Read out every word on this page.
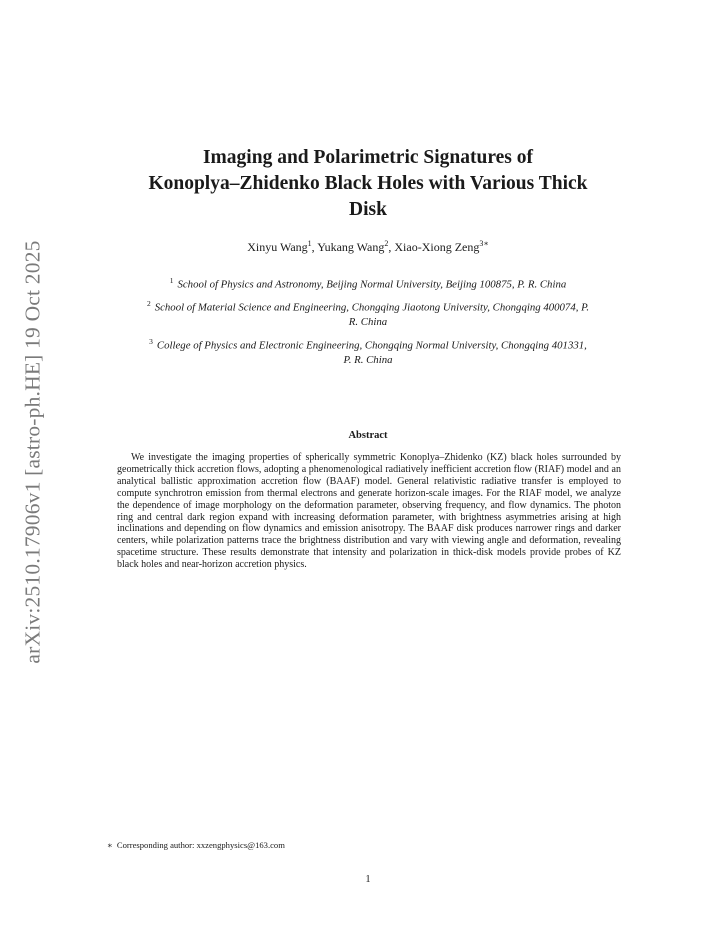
arXiv:2510.17906v1 [astro-ph.HE] 19 Oct 2025
Imaging and Polarimetric Signatures of
Konoplya–Zhidenko Black Holes with Various Thick
Disk
Xinyu Wang$^1$, Yukang Wang$^2$, Xiao-Xiong Zeng$^{3∗}$
$^1$ School of Physics and Astronomy, Beijing Normal University, Beijing 100875, P. R. China
$^2$ School of Material Science and Engineering, Chongqing Jiaotong University, Chongqing 400074, P.
R. China
$^3$ College of Physics and Electronic Engineering, Chongqing Normal University, Chongqing 401331,
P. R. China
Abstract

We investigate the imaging properties of spherically symmetric Konoplya–Zhidenko (KZ) black holes surrounded by geometrically thick accretion flows, adopting a phenomenological radiatively inefficient accretion flow (RIAF) model and an analytical ballistic approximation accretion flow (BAAF) model. General relativistic radiative transfer is employed to compute synchrotron emission from thermal electrons and generate horizon-scale images. For the RIAF model, we analyze the dependence of image morphology on the deformation parameter, observing frequency, and flow dynamics. The photon ring and central dark region expand with increasing deformation parameter, with brightness asymmetries arising at high inclinations and depending on flow dynamics and emission anisotropy. The BAAF disk produces narrower rings and darker centers, while polarization patterns trace the brightness distribution and vary with viewing angle and deformation, revealing spacetime structure. These results demonstrate that intensity and polarization in thick-disk models provide probes of KZ black holes and near-horizon accretion physics.

∗ Corresponding author: xxzengphysics@163.com
1
